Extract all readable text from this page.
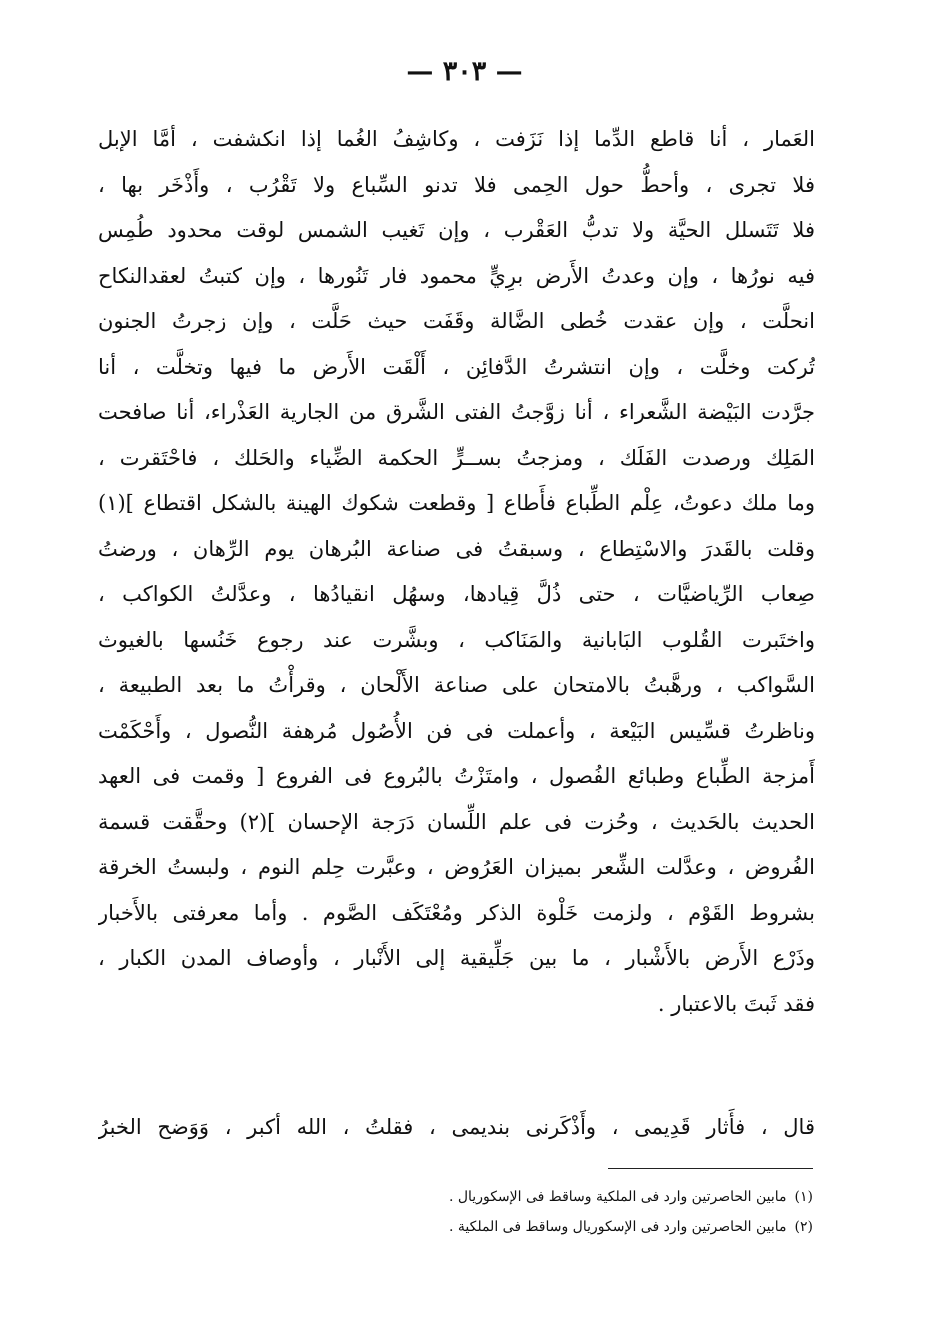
— ٣٠٣ —
العَمار ، أنا قاطع الدِّما إذا نَزَفت ، وكاشِفُ الغُما إذا انكشفت ، أمَّا الإبل
فلا تجرى ، وأحطُّ حول الحِمى فلا تدنو السِّباع ولا تَقْرُب ، وأَذْخَر بها ،
فلا تَتَسلل الحيَّة ولا تدبُّ العَقْرب ، وإن تَغيب الشمس لوقت محدود طُمِس
فيه نورُها ، وإن وعدتُ الأَرض برِيٍّ محمود فار تَنُورها ، وإن كتبتُ لعقدالنكاح
انحلَّت ، وإن عقدت خُطى الضَّالة وقَفَت حيث حَلَّت ، وإن زجرتُ الجنون
تُركت وخلَّت ، وإن انتشرتُ الدَّفائِن ، أَلْقَت الأَرض ما فيها وتخلَّت ، أنا
جرَّدت البَيْضة الشَّعراء ، أنا زوَّجتُ الفتى الشَّرق من الجارية العَذْراء، أنا صافحت
المَلِك ورصدت الفَلَك ، ومزجتُ بســرٍّ الحكمة الضِّياء والحَلك ، فاحْتَقرت ،
وما ملك دعوتُ، عِلْم الطِّباع فأَطاع [ وقطعت شكوك الهينة بالشكل اقتطاع ](١)
وقلت بالقَدرَ والاسْتِطاع ، وسبقتُ فى صناعة البُرهان يوم الرِّهان ، ورضتُ
صِعاب الرِّياضيَّات ، حتى ذُلَّ قِيادها، وسهُل انقيادُها ، وعدَّلتُ الكواكب ،
واختَبرت القُلوب البَابانية والمَنَاكب ، وبشَّرت عند رجوع خَنُسها بالغيوث
السَّواكب ، ورهَّبتُ بالامتحان على صناعة الأَلْحان ، وقرأْتُ ما بعد الطبيعة ،
وناظرتُ قسِّيس البَيْعة ، وأعملت فى فن الأُصُول مُرهفة النُّصول ، وأَحْكَمْت
أَمزجة الطِّباع وطبائع الفُصول ، وامتَزْتُ بالبُروع فى الفروع [ وقمت فى العهد
الحديث بالحَديث ، وحُزت فى علم اللِّسان دَرَجة الإحسان ](٢) وحقَّقت قسمة
الفُروض ، وعدَّلت الشِّعر بميزان العَرُوض ، وعبَّرت حِلم النوم ، ولبستُ الخرقة
بشروط القَوْم ، ولزمت خَلْوة الذكر ومُعْتَكَف الصَّوم . وأما معرفتى بالأَخبار
وذَرْع الأَرض بالأَشْبار ، ما بين جَلِّيقية إلى الأَنْبار ، وأوصاف المدن الكبار ،
فقد ثَبتَ بالاعتبار .
قال ، فأَثار قَدِيمى ، وأَذْكَرنى بنديمى ، فقلتُ ، الله أكبر ، وَوَضح الخبرُ
(١)مابين الحاصرتين وارد فى الملكية وساقط فى الإسكوريال .
(٢)مابين الحاصرتين وارد فى الإسكوريال وساقط فى الملكية .
